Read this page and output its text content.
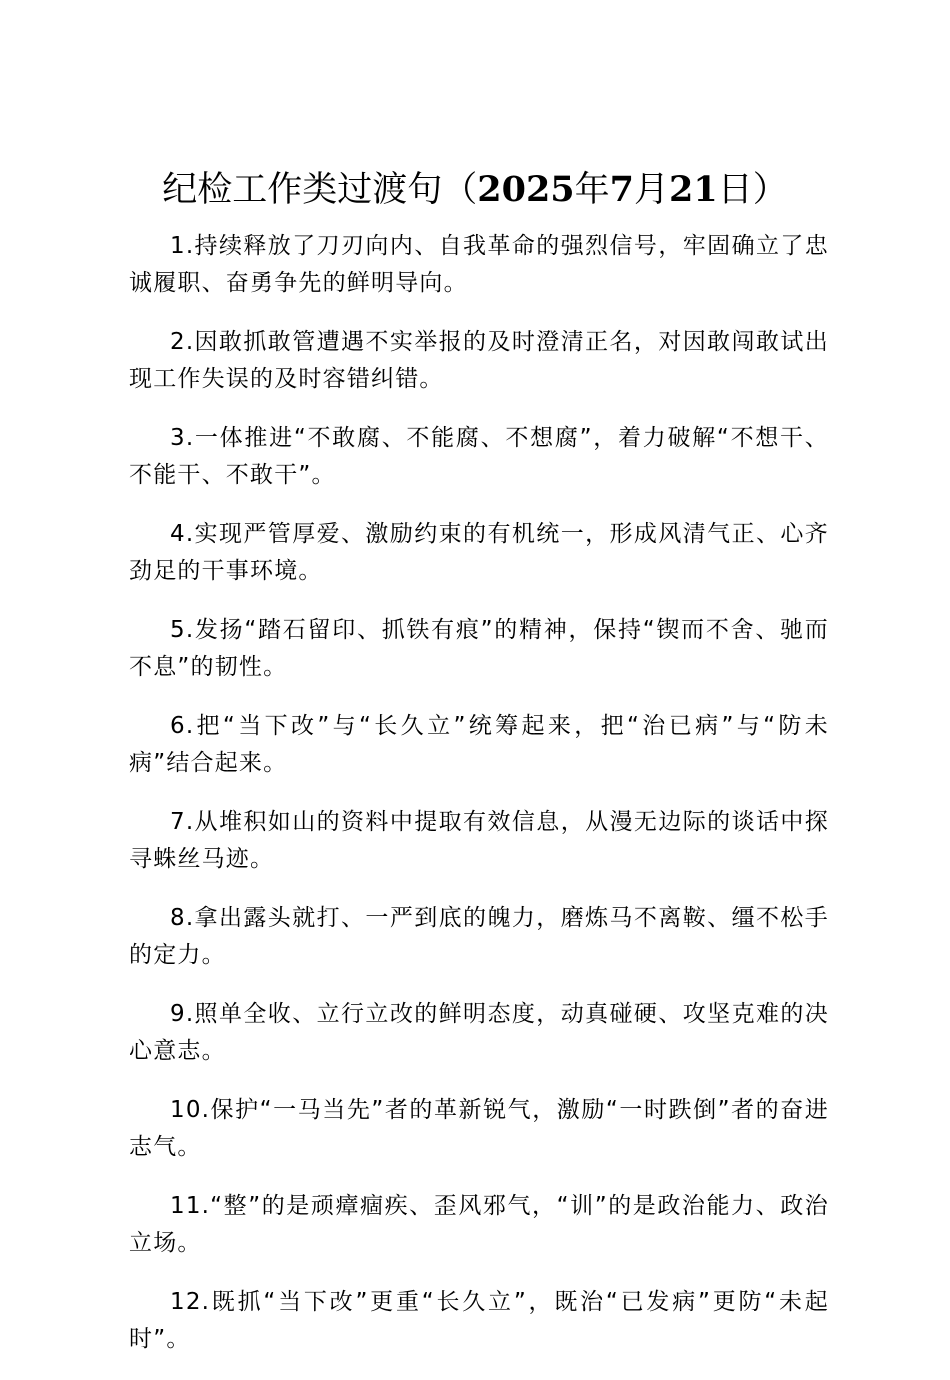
纪检工作类过渡句（2025年7月21日）

1.持续释放了刀刃向内、自我革命的强烈信号，牢固确立了忠诚履职、奋勇争先的鲜明导向。

2.因敢抓敢管遭遇不实举报的及时澄清正名，对因敢闯敢试出现工作失误的及时容错纠错。

3.一体推进“不敢腐、不能腐、不想腐”，着力破解“不想干、不能干、不敢干”。

4.实现严管厚爱、激励约束的有机统一，形成风清气正、心齐劲足的干事环境。

5.发扬“踏石留印、抓铁有痕”的精神，保持“锲而不舍、驰而不息”的韧性。

6.把“当下改”与“长久立”统筹起来，把“治已病”与“防未病”结合起来。

7.从堆积如山的资料中提取有效信息，从漫无边际的谈话中探寻蛛丝马迹。

8.拿出露头就打、一严到底的魄力，磨炼马不离鞍、缰不松手的定力。

9.照单全收、立行立改的鲜明态度，动真碰硬、攻坚克难的决心意志。

10.保护“一马当先”者的革新锐气，激励“一时跌倒”者的奋进志气。

11.“整”的是顽瘴痼疾、歪风邪气，“训”的是政治能力、政治立场。

12.既抓“当下改”更重“长久立”，既治“已发病”更防“未起时”。
